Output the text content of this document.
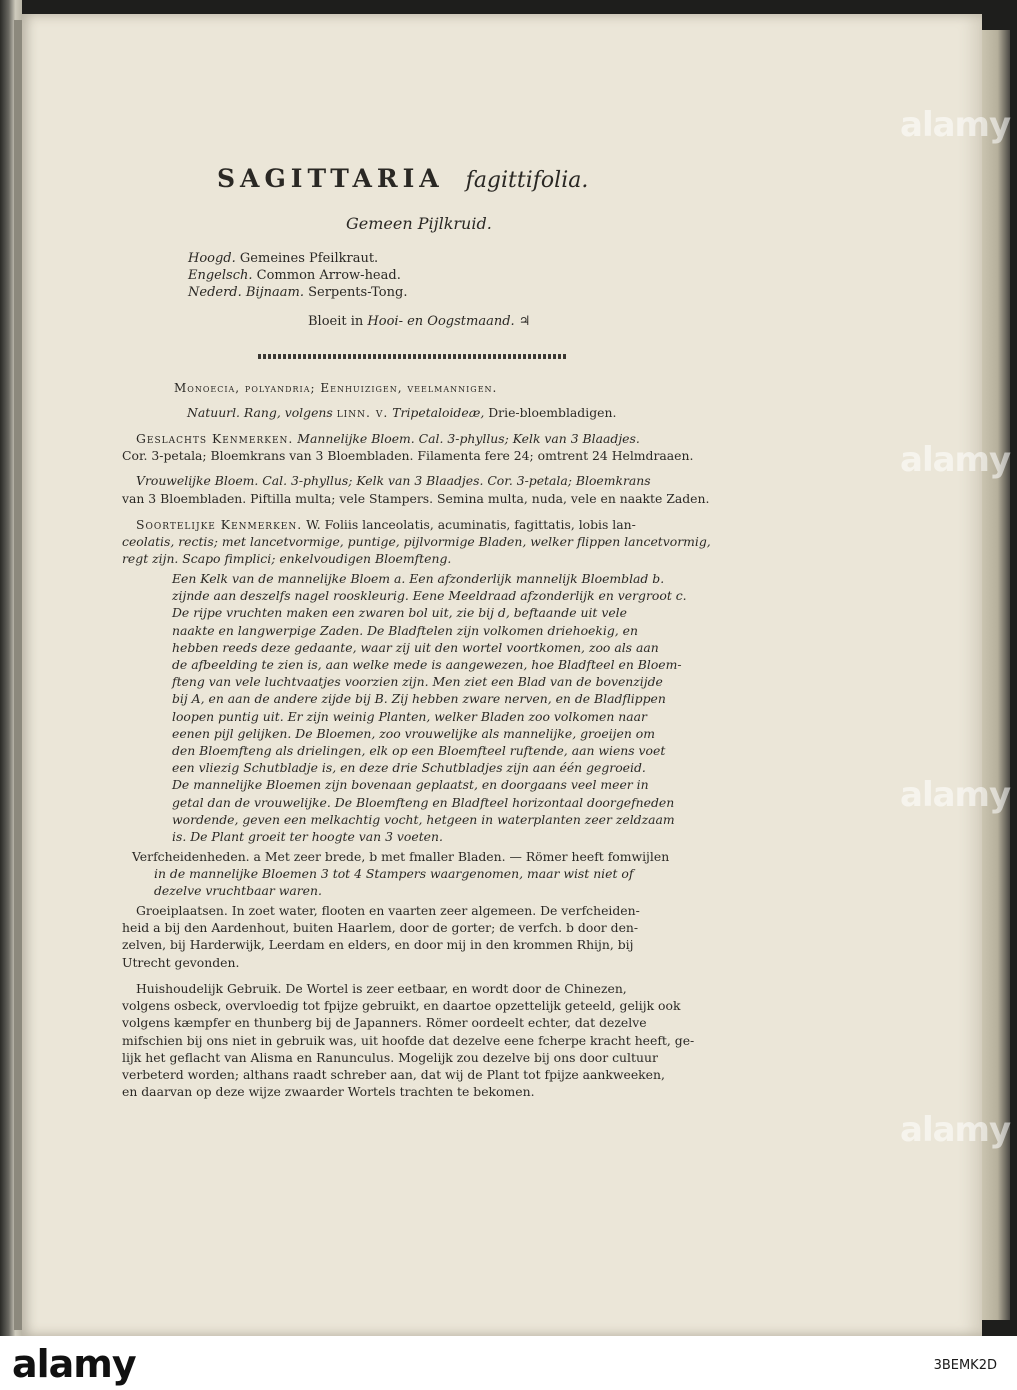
SAGITTARIA fagittifolia.
Gemeen Pijlkruid.
Hoogd. Gemeines Pfeilkraut.
Engelsch. Common Arrow-head.
Nederd. Bijnaam. Serpents-Tong.
Bloeit in Hooi- en Oogstmaand. ♃
Monoecia, polyandria; Eenhuizigen, veelmannigen.
Natuurl. Rang, volgens linn. v. Tripetaloideæ, Drie-bloembladigen.

Geslachts Kenmerken. Mannelijke Bloem. Cal. 3-phyllus; Kelk van 3 Blaadjes.

Cor. 3-petala; Bloemkrans van 3 Bloembladen. Filamenta fere 24; omtrent 24 Helmdraaen.

Vrouwelijke Bloem. Cal. 3-phyllus; Kelk van 3 Blaadjes. Cor. 3-petala; Bloemkrans

van 3 Bloembladen. Piftilla multa; vele Stampers. Semina multa, nuda, vele en naakte Zaden.

Soortelijke Kenmerken. W. Foliis lanceolatis, acuminatis, fagittatis, lobis lan-

ceolatis, rectis; met lancetvormige, puntige, pijlvormige Bladen, welker flippen lancetvormig,

regt zijn. Scapo fimplici; enkelvoudigen Bloemfteng.

Een Kelk van de mannelijke Bloem a. Een afzonderlijk mannelijk Bloemblad b.

zijnde aan deszelfs nagel rooskleurig. Eene Meeldraad afzonderlijk en vergroot c.

De rijpe vruchten maken een zwaren bol uit, zie bij d, beftaande uit vele

naakte en langwerpige Zaden. De Bladftelen zijn volkomen driehoekig, en

hebben reeds deze gedaante, waar zij uit den wortel voortkomen, zoo als aan

de afbeelding te zien is, aan welke mede is aangewezen, hoe Bladfteel en Bloem-

fteng van vele luchtvaatjes voorzien zijn. Men ziet een Blad van de bovenzijde

bij A, en aan de andere zijde bij B. Zij hebben zware nerven, en de Bladflippen

loopen puntig uit. Er zijn weinig Planten, welker Bladen zoo volkomen naar

eenen pijl gelijken. De Bloemen, zoo vrouwelijke als mannelijke, groeijen om

den Bloemfteng als drielingen, elk op een Bloemfteel ruftende, aan wiens voet

een vliezig Schutbladje is, en deze drie Schutbladjes zijn aan één gegroeid.

De mannelijke Bloemen zijn bovenaan geplaatst, en doorgaans veel meer in

getal dan de vrouwelijke. De Bloemfteng en Bladfteel horizontaal doorgefneden

wordende, geven een melkachtig vocht, hetgeen in waterplanten zeer zeldzaam

is. De Plant groeit ter hoogte van 3 voeten.

Verfcheidenheden. a Met zeer brede, b met fmaller Bladen. — Römer heeft fomwijlen

in de mannelijke Bloemen 3 tot 4 Stampers waargenomen, maar wist niet of

dezelve vruchtbaar waren.

Groeiplaatsen. In zoet water, flooten en vaarten zeer algemeen. De verfcheiden-

heid a bij den Aardenhout, buiten Haarlem, door de gorter; de verfch. b door den-

zelven, bij Harderwijk, Leerdam en elders, en door mij in den krommen Rhijn, bij

Utrecht gevonden.

Huishoudelijk Gebruik. De Wortel is zeer eetbaar, en wordt door de Chinezen,

volgens osbeck, overvloedig tot fpijze gebruikt, en daartoe opzettelijk geteeld, gelijk ook

volgens kæmpfer en thunberg bij de Japanners. Römer oordeelt echter, dat dezelve

mifschien bij ons niet in gebruik was, uit hoofde dat dezelve eene fcherpe kracht heeft, ge-

lijk het geflacht van Alisma en Ranunculus. Mogelijk zou dezelve bij ons door cultuur

verbeterd worden; althans raadt schreber aan, dat wij de Plant tot fpijze aankweeken,

en daarvan op deze wijze zwaarder Wortels trachten te bekomen.

alamy
alamy
alamy
alamy
alamy	3BEMK2D
